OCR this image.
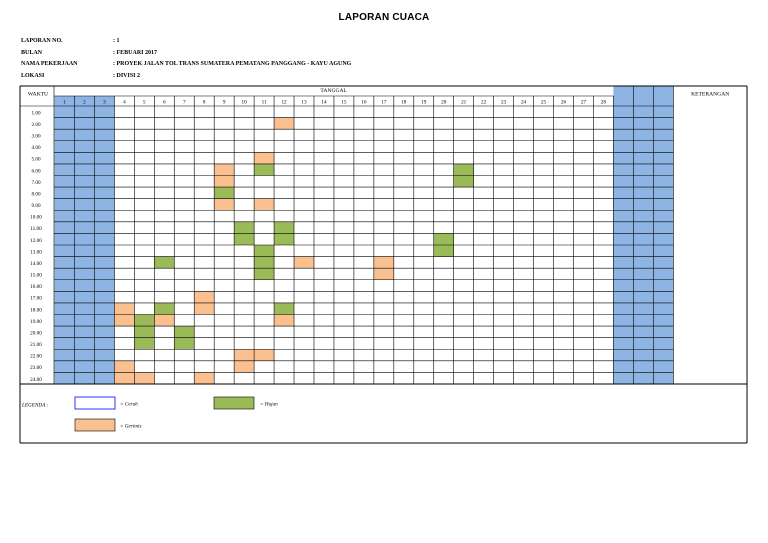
LAPORAN CUACA
LAPORAN NO.	: 1
BULAN	: FEBUARI 2017
NAMA PEKERJAAN	: PROYEK JALAN TOL TRANS SUMATERA PEMATANG PANGGANG - KAYU AGUNG
LOKASI	: DIVISI 2
WAKTU
TANGGAL
KETERANGAN
1	2	3	4	5	6	7	8	9	10	11	12	13	14	15	16	17	18	19	20	21	22	23	24	25	26	27	28
1.00
2.00
3.00
4.00
5.00
6.00
7.00
8.00
9.00
10.00
11.00
12.00
13.00
14.00
15.00
16.00
17.00
18.00
19.00
20.00
21.00
22.00
23.00
24.00
LEGENDA :	= Cerah	= Hujan
= Gerimis
